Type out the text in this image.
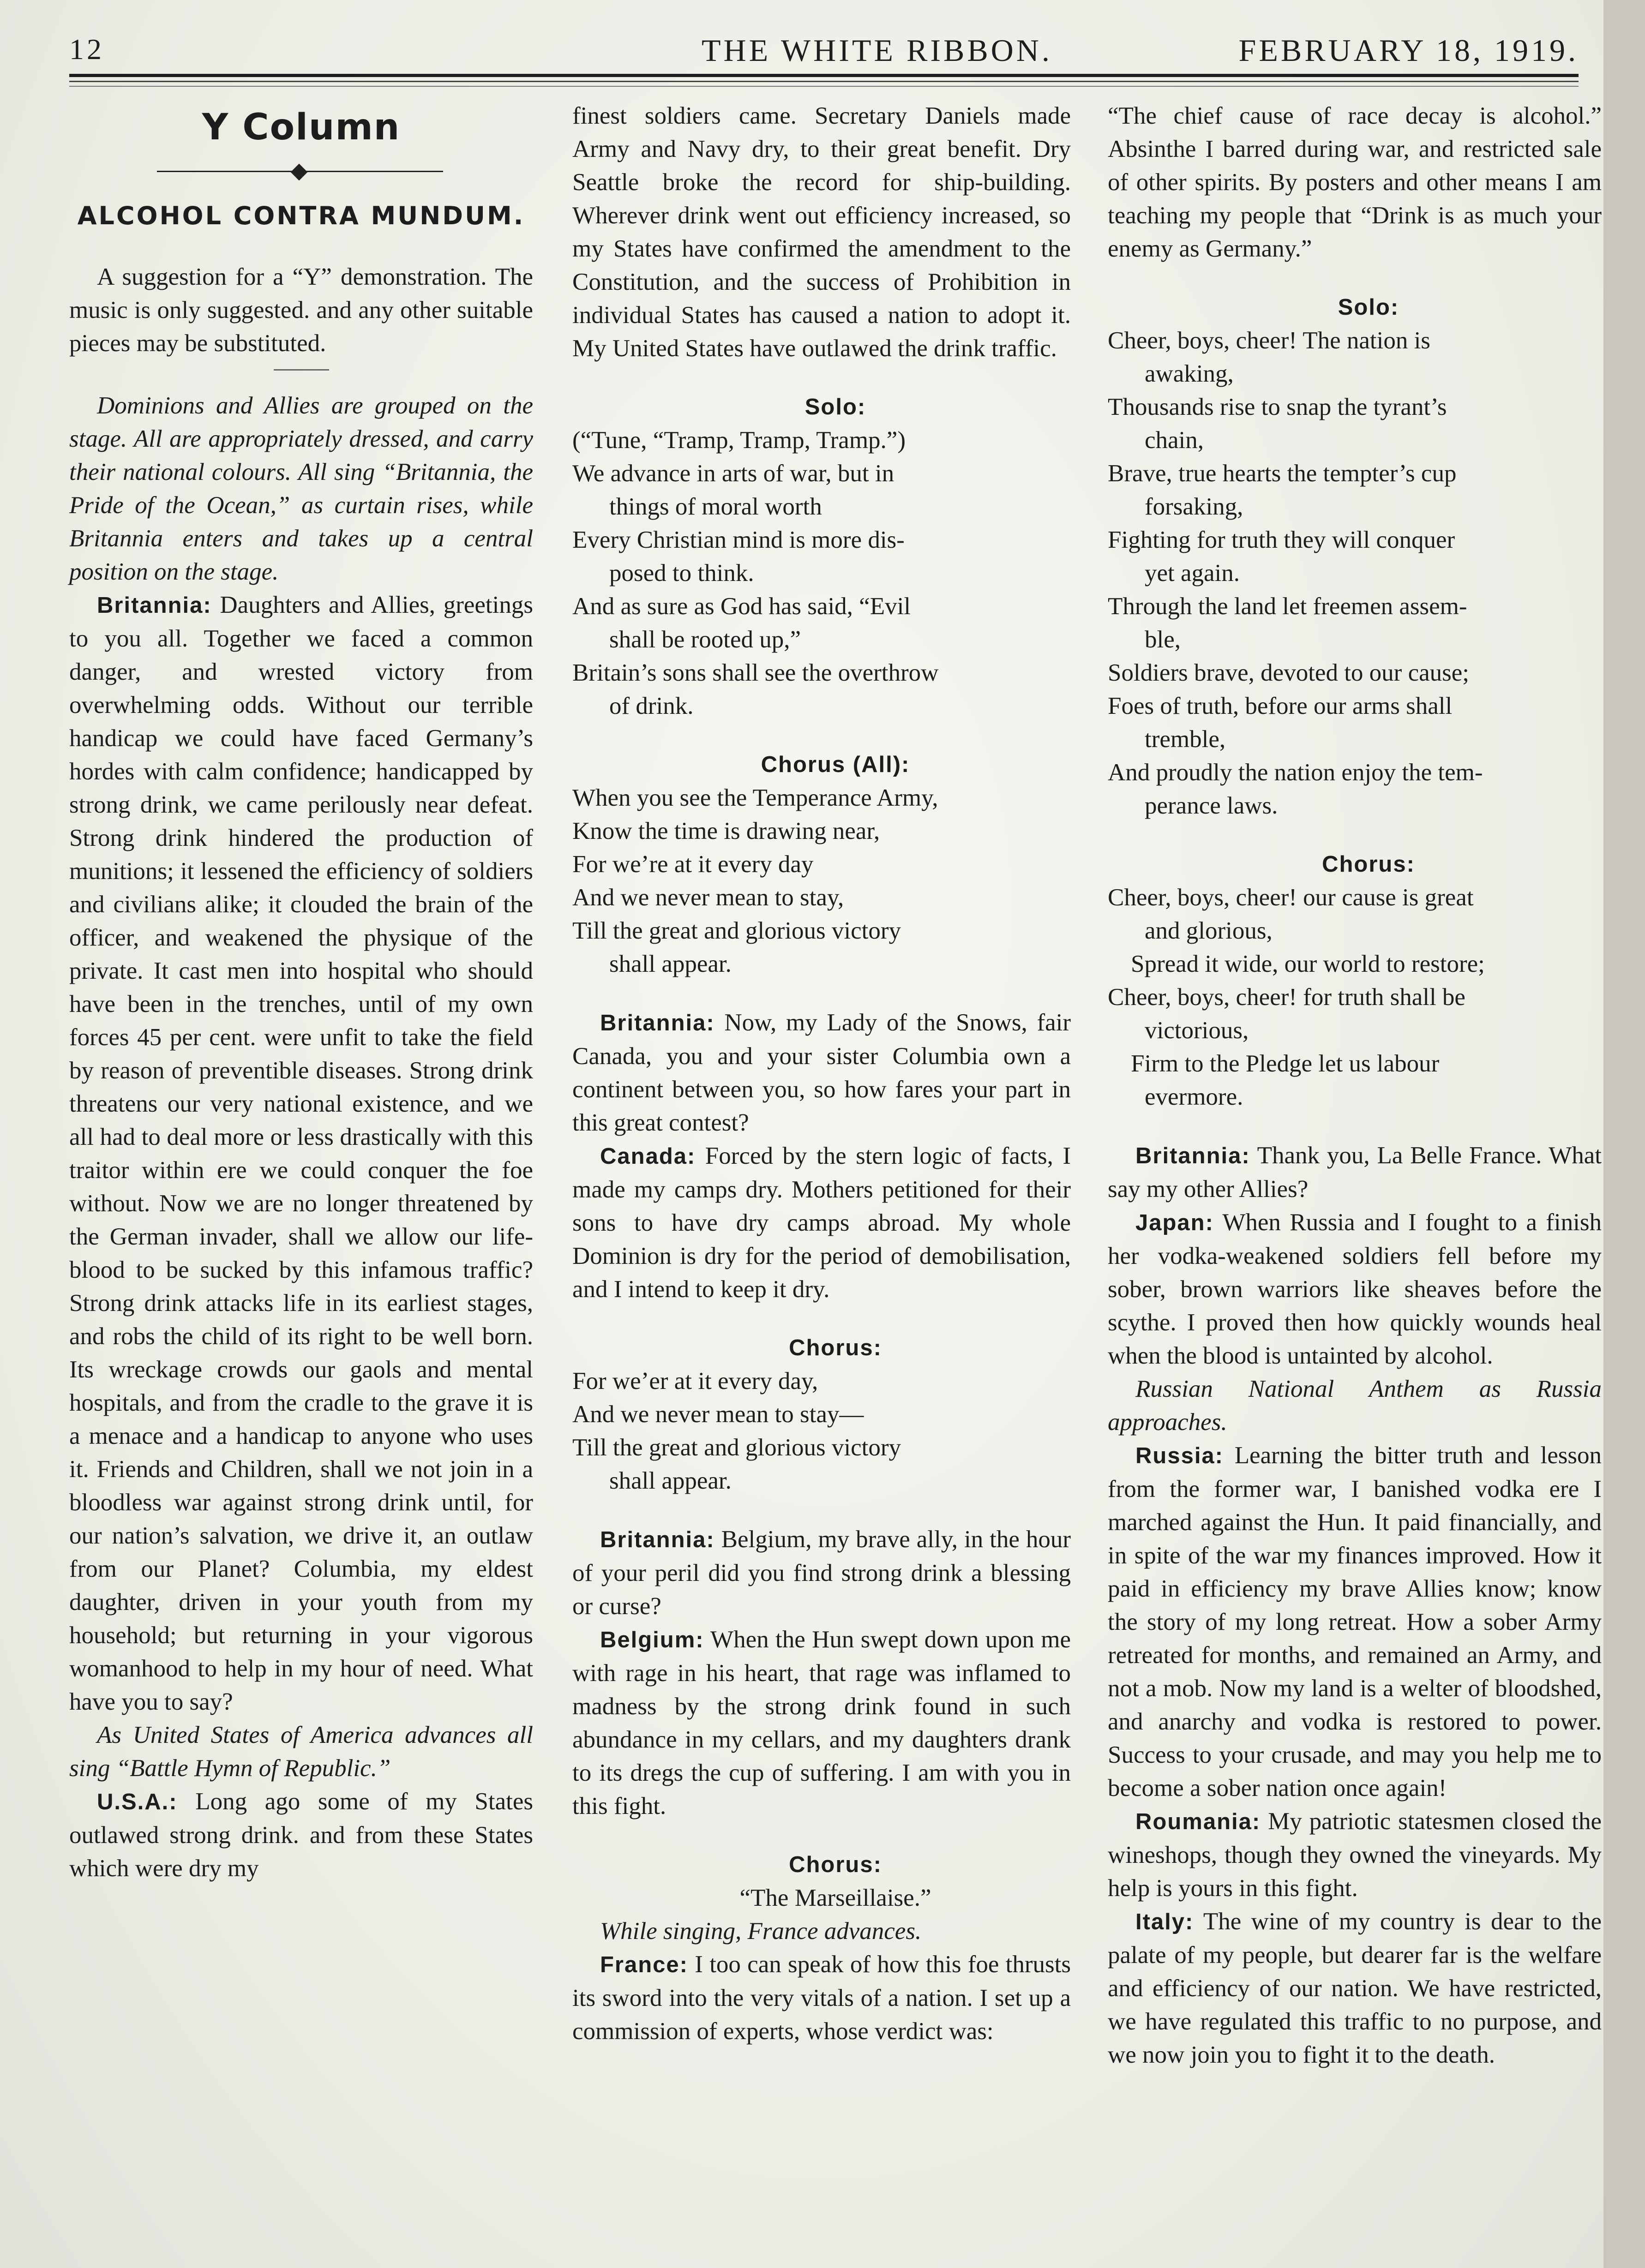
12	THE WHITE RIBBON.	FEBRUARY 18, 1919.
Y Column
ALCOHOL CONTRA MUNDUM.

A suggestion for a “Y” demonstration. The music is only suggested. and any other suitable pieces may be substituted.

Dominions and Allies are grouped on the stage. All are appropriately dressed, and carry their national colours. All sing “Britannia, the Pride of the Ocean,” as curtain rises, while Britannia enters and takes up a central position on the stage.

Britannia: Daughters and Allies, greetings to you all. Together we faced a common danger, and wrested victory from overwhelming odds. Without our terrible handicap we could have faced Germany’s hordes with calm confidence; handicapped by strong drink, we came perilously near defeat. Strong drink hindered the production of munitions; it lessened the efficiency of soldiers and civilians alike; it clouded the brain of the officer, and weakened the physique of the private. It cast men into hospital who should have been in the trenches, until of my own forces 45 per cent. were unfit to take the field by reason of preventible diseases. Strong drink threatens our very national existence, and we all had to deal more or less drastically with this traitor within ere we could conquer the foe without. Now we are no longer threatened by the German invader, shall we allow our life-blood to be sucked by this infamous traffic? Strong drink attacks life in its earliest stages, and robs the child of its right to be well born. Its wreckage crowds our gaols and mental hospitals, and from the cradle to the grave it is a menace and a handicap to anyone who uses it. Friends and Children, shall we not join in a bloodless war against strong drink until, for our nation’s salvation, we drive it, an outlaw from our Planet? Columbia, my eldest daughter, driven in your youth from my household; but returning in your vigorous womanhood to help in my hour of need. What have you to say?

As United States of America advances all sing “Battle Hymn of Republic.”

U.S.A.: Long ago some of my States outlawed strong drink. and from these States which were dry my

finest soldiers came. Secretary Daniels made Army and Navy dry, to their great benefit. Dry Seattle broke the record for ship-building. Wherever drink went out efficiency increased, so my States have confirmed the amendment to the Constitution, and the success of Prohibition in individual States has caused a nation to adopt it. My United States have outlawed the drink traffic.

Solo:

(“Tune, “Tramp, Tramp, Tramp.”)
We advance in arts of war, but in
things of moral worth
Every Christian mind is more dis-
posed to think.
And as sure as God has said, “Evil
shall be rooted up,”
Britain’s sons shall see the overthrow
of drink.

Chorus (All):

When you see the Temperance Army,
Know the time is drawing near,
For we’re at it every day
And we never mean to stay,
Till the great and glorious victory
shall appear.

Britannia: Now, my Lady of the Snows, fair Canada, you and your sister Columbia own a continent between you, so how fares your part in this great contest?

Canada: Forced by the stern logic of facts, I made my camps dry. Mothers petitioned for their sons to have dry camps abroad. My whole Dominion is dry for the period of demobilisation, and I intend to keep it dry.

Chorus:

For we’er at it every day,
And we never mean to stay—
Till the great and glorious victory
shall appear.

Britannia: Belgium, my brave ally, in the hour of your peril did you find strong drink a blessing or curse?

Belgium: When the Hun swept down upon me with rage in his heart, that rage was inflamed to madness by the strong drink found in such abundance in my cellars, and my daughters drank to its dregs the cup of suffering. I am with you in this fight.

Chorus:

“The Marseillaise.”

While singing, France advances.

France: I too can speak of how this foe thrusts its sword into the very vitals of a nation. I set up a commission of experts, whose verdict was:

“The chief cause of race decay is alcohol.” Absinthe I barred during war, and restricted sale of other spirits. By posters and other means I am teaching my people that “Drink is as much your enemy as Germany.”

Solo:

Cheer, boys, cheer! The nation is
awaking,
Thousands rise to snap the tyrant’s
chain,
Brave, true hearts the tempter’s cup
forsaking,
Fighting for truth they will conquer
yet again.
Through the land let freemen assem-
ble,
Soldiers brave, devoted to our cause;
Foes of truth, before our arms shall
tremble,
And proudly the nation enjoy the tem-
perance laws.

Chorus:

Cheer, boys, cheer! our cause is great
and glorious,
Spread it wide, our world to restore;
Cheer, boys, cheer! for truth shall be
victorious,
Firm to the Pledge let us labour
evermore.

Britannia: Thank you, La Belle France. What say my other Allies?

Japan: When Russia and I fought to a finish her vodka-weakened soldiers fell before my sober, brown warriors like sheaves before the scythe. I proved then how quickly wounds heal when the blood is untainted by alcohol.

Russian National Anthem as Russia approaches.

Russia: Learning the bitter truth and lesson from the former war, I banished vodka ere I marched against the Hun. It paid financially, and in spite of the war my finances improved. How it paid in efficiency my brave Allies know; know the story of my long retreat. How a sober Army retreated for months, and remained an Army, and not a mob. Now my land is a welter of bloodshed, and anarchy and vodka is restored to power. Success to your crusade, and may you help me to become a sober nation once again!

Roumania: My patriotic statesmen closed the wineshops, though they owned the vineyards. My help is yours in this fight.

Italy: The wine of my country is dear to the palate of my people, but dearer far is the welfare and efficiency of our nation. We have restricted, we have regulated this traffic to no purpose, and we now join you to fight it to the death.
